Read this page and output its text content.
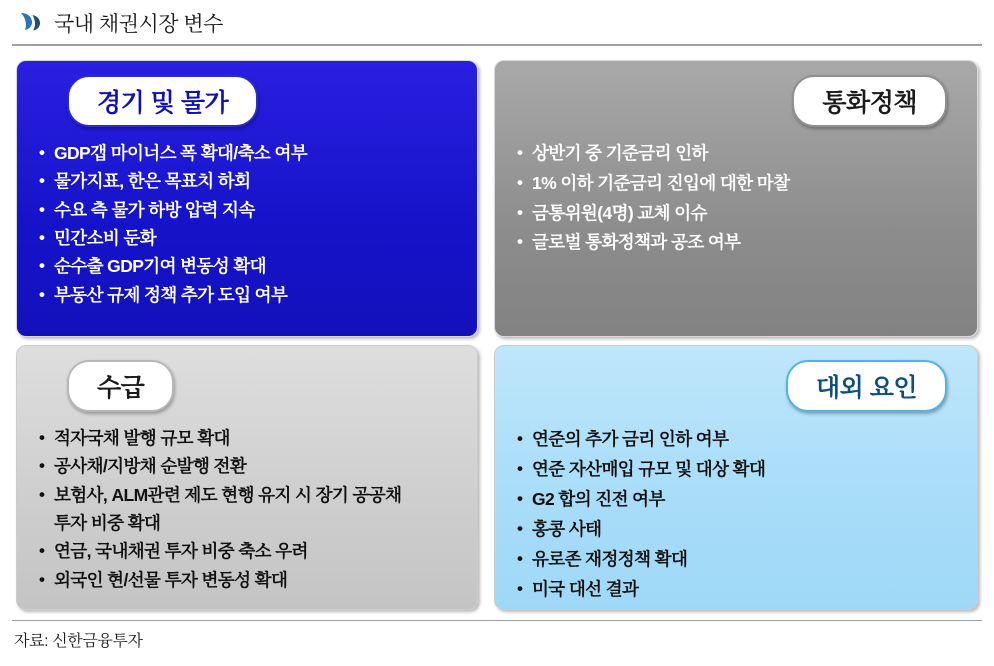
국내 채권시장 변수
경기 및 물가
• GDP갭 마이너스 폭 확대/축소 여부
• 물가지표, 한은 목표치 하회
• 수요 측 물가 하방 압력 지속
• 민간소비 둔화
• 순수출 GDP기여 변동성 확대
• 부동산 규제 정책 추가 도입 여부
통화정책
• 상반기 중 기준금리 인하
• 1% 이하 기준금리 진입에 대한 마찰
• 금통위원(4명) 교체 이슈
• 글로벌 통화정책과 공조 여부
수급
• 적자국채 발행 규모 확대
• 공사채/지방채 순발행 전환
• 보험사, ALM관련 제도 현행 유지 시 장기 공공채
투자 비중 확대
• 연금, 국내채권 투자 비중 축소 우려
• 외국인 현/선물 투자 변동성 확대
대외 요인
• 연준의 추가 금리 인하 여부
• 연준 자산매입 규모 및 대상 확대
• G2 합의 진전 여부
• 홍콩 사태
• 유로존 재정정책 확대
• 미국 대선 결과
자료: 신한금융투자
